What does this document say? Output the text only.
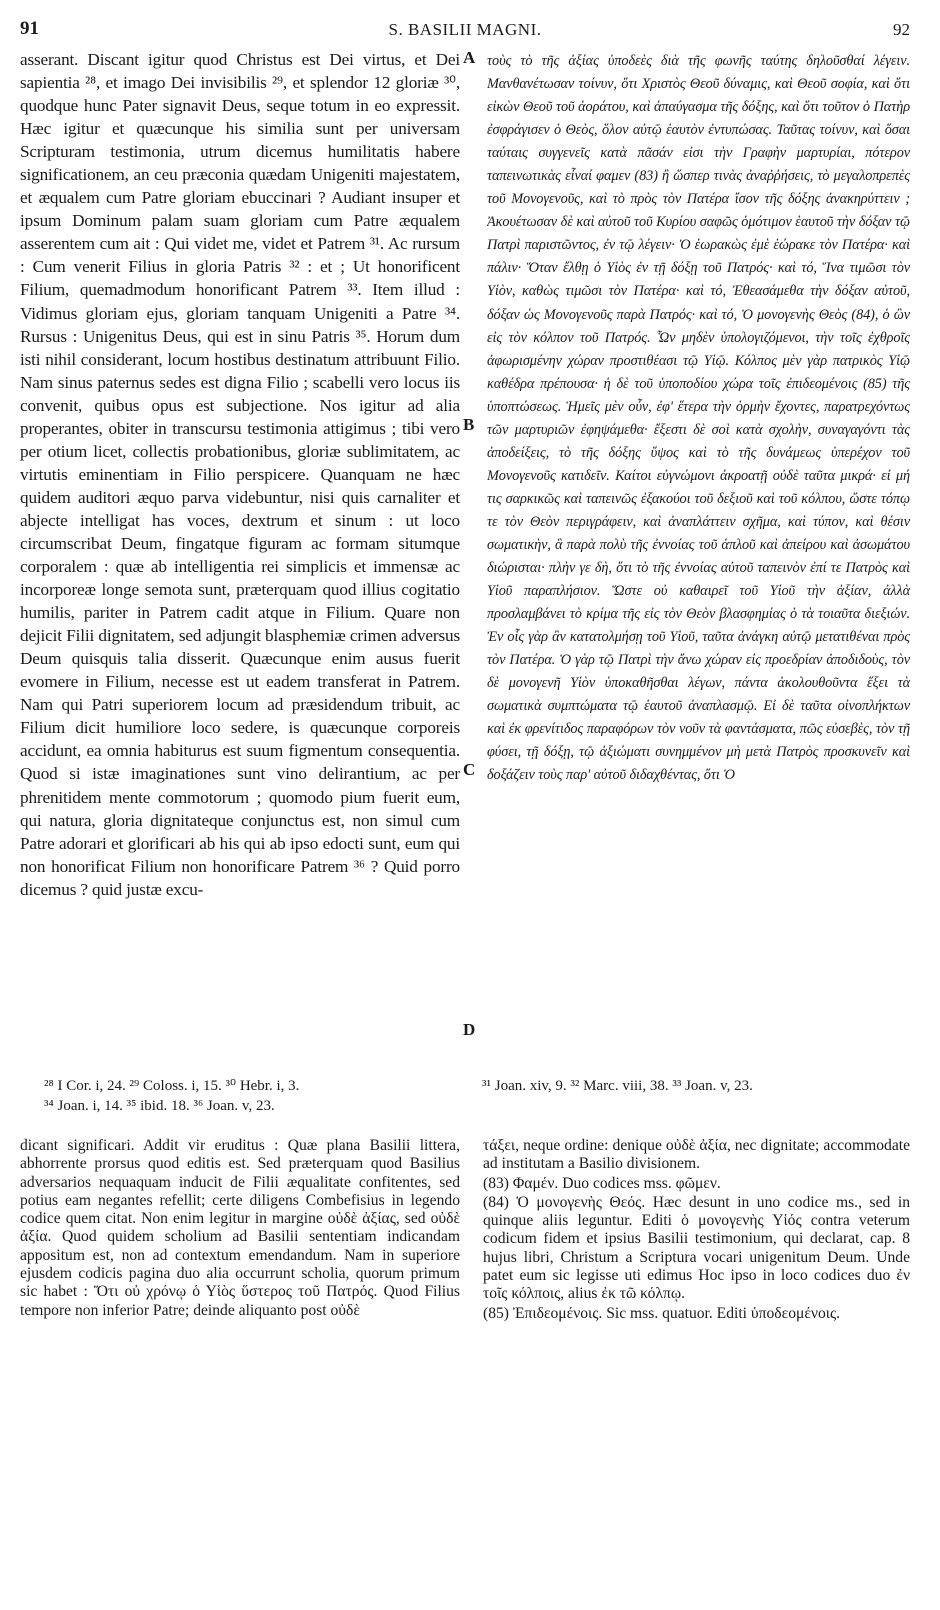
91	S. BASILII MAGNI.	92

asserant. Discant igitur quod Christus est Dei virtus, et Dei sapientia ²⁸, et imago Dei invisibilis ²⁹, et splendor 12 gloriæ ³⁰, quodque hunc Pater signavit Deus, seque totum in eo expressit. Hæc igitur et quæcunque his similia sunt per universam Scripturam testimonia, utrum dicemus humilitatis habere significationem, an ceu præconia quædam Unigeniti majestatem, et æqualem cum Patre gloriam ebuccinari ? Audiant insuper et ipsum Dominum palam suam gloriam cum Patre æqualem asserentem cum ait : Qui videt me, videt et Patrem ³¹. Ac rursum : Cum venerit Filius in gloria Patris ³² : et ; Ut honorificent Filium, quemadmodum honorificant Patrem ³³. Item illud : Vidimus gloriam ejus, gloriam tanquam Unigeniti a Patre ³⁴. Rursus : Unigenitus Deus, qui est in sinu Patris ³⁵. Horum dum isti nihil considerant, locum hostibus destinatum attribuunt Filio. Nam sinus paternus sedes est digna Filio ; scabelli vero locus iis convenit, quibus opus est subjectione. Nos igitur ad alia properantes, obiter in transcursu testimonia attigimus ; tibi vero per otium licet, collectis probationibus, gloriæ sublimitatem, ac virtutis eminentiam in Filio perspicere. Quanquam ne hæc quidem auditori æquo parva videbuntur, nisi quis carnaliter et abjecte intelligat has voces, dextrum et sinum : ut loco circumscribat Deum, fingatque figuram ac formam situmque corporalem : quæ ab intelligentia rei simplicis et immensæ ac incorporeæ longe semota sunt, præterquam quod illius cogitatio humilis, pariter in Patrem cadit atque in Filium. Quare non dejicit Filii dignitatem, sed adjungit blasphemiæ crimen adversus Deum quisquis talia disserit. Quæcunque enim ausus fuerit evomere in Filium, necesse est ut eadem transferat in Patrem. Nam qui Patri superiorem locum ad præsidendum tribuit, ac Filium dicit humiliore loco sedere, is quæcunque corporeis accidunt, ea omnia habiturus est suum figmentum consequentia. Quod si istæ imaginationes sunt vino delirantium, ac per phrenitidem mente commotorum ; quomodo pium fuerit eum, qui natura, gloria dignitateque conjunctus est, non simul cum Patre adorari et glorificari ab his qui ab ipso edocti sunt, eum qui non honorificat Filium non honorificare Patrem ³⁶ ? Quid porro dicemus ? quid justæ excu-

A
B
C
D

τοὺς τὸ τῆς ἀξίας ὑποδεὲς διὰ τῆς φωνῆς ταύτης δηλοῦσθαί λέγειν. Μανθανέτωσαν τοίνυν, ὅτι Χριστὸς Θεοῦ δύναμις, καὶ Θεοῦ σοφία, καὶ ὅτι εἰκὼν Θεοῦ τοῦ ἀοράτου, καὶ ἀπαύγασμα τῆς δόξης, καὶ ὅτι τοῦτον ὁ Πατὴρ ἐσφράγισεν ὁ Θεὸς, ὅλον αὐτῷ ἑαυτὸν ἐντυπώσας. Ταῦτας τοίνυν, καὶ ὅσαι ταύταις συγγενεῖς κατὰ πᾶσάν εἰσι τὴν Γραφὴν μαρτυρίαι, πότερον ταπεινωτικὰς εἶναί φαμεν (83) ἢ ὥσπερ τινὰς ἀναῤῥήσεις, τὸ μεγαλοπρεπὲς τοῦ Μονογενοῦς, καὶ τὸ πρὸς τὸν Πατέρα ἴσον τῆς δόξης ἀνακηρύττειν ; Ἀκουέτωσαν δὲ καὶ αὐτοῦ τοῦ Κυρίου σαφῶς ὁμότιμον ἑαυτοῦ τὴν δόξαν τῷ Πατρὶ παριστῶντος, ἐν τῷ λέγειν· Ὁ ἑωρακὼς ἐμὲ ἑώρακε τὸν Πατέρα· καὶ πάλιν· Ὅταν ἔλθῃ ὁ Υἱὸς ἐν τῇ δόξῃ τοῦ Πατρός· καὶ τό, Ἵνα τιμῶσι τὸν Υἱὸν, καθὼς τιμῶσι τὸν Πατέρα· καὶ τό, Ἐθεασάμεθα τὴν δόξαν αὐτοῦ, δόξαν ὡς Μονογενοῦς παρὰ Πατρός· καὶ τό, Ὁ μονογενὴς Θεὸς (84), ὁ ὢν εἰς τὸν κόλπον τοῦ Πατρός. Ὧν μηδὲν ὑπολογιζόμενοι, τὴν τοῖς ἐχθροῖς ἀφωρισμένην χώραν προστιθέασι τῷ Υἱῷ. Κόλπος μὲν γὰρ πατρικὸς Υἱῷ καθέδρα πρέπουσα· ἡ δὲ τοῦ ὑποποδίου χώρα τοῖς ἐπιδεομένοις (85) τῆς ὑποπτώσεως. Ἡμεῖς μὲν οὖν, ἐφ' ἕτερα τὴν ὁρμὴν ἔχοντες, παρατρεχόντως τῶν μαρτυριῶν ἐφηψάμεθα· ἔξεστι δὲ σοὶ κατὰ σχολὴν, συναγαγόντι τὰς ἀποδείξεις, τὸ τῆς δόξης ὕψος καὶ τὸ τῆς δυνάμεως ὑπερέχον τοῦ Μονογενοῦς κατιδεῖν. Καίτοι εὐγνώμονι ἀκροατῇ οὐδὲ ταῦτα μικρά· εἰ μή τις σαρκικῶς καὶ ταπεινῶς ἐξακούοι τοῦ δεξιοῦ καὶ τοῦ κόλπου, ὥστε τόπῳ τε τὸν Θεὸν περιγράφειν, καὶ ἀναπλάττειν σχῆμα, καὶ τύπον, καὶ θέσιν σωματικὴν, ἃ παρὰ πολὺ τῆς ἐννοίας τοῦ ἁπλοῦ καὶ ἀπείρου καὶ ἀσωμάτου διώρισται· πλὴν γε δὴ, ὅτι τὸ τῆς ἐννοίας αὐτοῦ ταπεινὸν ἐπί τε Πατρὸς καὶ Υἱοῦ παραπλήσιον. Ὥστε οὐ καθαιρεῖ τοῦ Υἱοῦ τὴν ἀξίαν, ἀλλὰ προσλαμβάνει τὸ κρίμα τῆς εἰς τὸν Θεὸν βλασφημίας ὁ τὰ τοιαῦτα διεξιών. Ἐν οἷς γὰρ ἂν κατατολμήσῃ τοῦ Υἱοῦ, ταῦτα ἀνάγκη αὐτῷ μετατιθέναι πρὸς τὸν Πατέρα. Ὁ γὰρ τῷ Πατρὶ τὴν ἄνω χώραν εἰς προεδρίαν ἀποδιδοὺς, τὸν δὲ μονογενῆ Υἱὸν ὑποκαθῆσθαι λέγων, πάντα ἀκολουθοῦντα ἕξει τὰ σωματικὰ συμπτώματα τῷ ἑαυτοῦ ἀναπλασμῷ. Εἰ δὲ ταῦτα οἰνοπλήκτων καὶ ἐκ φρενίτιδος παραφόρων τὸν νοῦν τὰ φαντάσματα, πῶς εὐσεβὲς, τὸν τῇ φύσει, τῇ δόξῃ, τῷ ἀξιώματι συνημμένον μὴ μετὰ Πατρὸς προσκυνεῖν καὶ δοξάζειν τοὺς παρ' αὐτοῦ διδαχθέντας, ὅτι Ὁ

²⁸ I Cor. i, 24. ²⁹ Coloss. i, 15. ³⁰ Hebr. i, 3.
³⁴ Joan. i, 14. ³⁵ ibid. 18. ³⁶ Joan. v, 23.
³¹ Joan. xiv, 9. ³² Marc. viii, 38. ³³ Joan. v, 23.

dicant significari. Addit vir eruditus : Quæ plana Basilii littera, abhorrente prorsus quod editis est. Sed præterquam quod Basilius adversarios nequaquam inducit de Filii æqualitate confitentes, sed potius eam negantes refellit; certe diligens Combefisius in legendo codice quem citat. Non enim legitur in margine οὐδὲ ἀξίας, sed οὐδὲ ἀξία. Quod quidem scholium ad Basilii sententiam indicandam appositum est, non ad contextum emendandum. Nam in superiore ejusdem codicis pagina duo alia occurrunt scholia, quorum primum sic habet : Ὅτι οὐ χρόνῳ ὁ Υἱὸς ὕστερος τοῦ Πατρός. Quod Filius tempore non inferior Patre; deinde aliquanto post οὐδὲ

τάξει, neque ordine: denique οὐδὲ ἀξία, nec dignitate; accommodate ad institutam a Basilio divisionem.

(83) Φαμέν. Duo codices mss. φῶμεν.

(84) Ὁ μονογενὴς Θεός. Hæc desunt in uno codice ms., sed in quinque aliis leguntur. Editi ὁ μονογενὴς Υἱός contra veterum codicum fidem et ipsius Basilii testimonium, qui declarat, cap. 8 hujus libri, Christum a Scriptura vocari unigenitum Deum. Unde patet eum sic legisse uti edimus Hoc ipso in loco codices duo ἐν τοῖς κόλποις, alius ἐκ τῶ κόλπῳ.

(85) Ἐπιδεομένοις. Sic mss. quatuor. Editi ὑποδεομένοις.
